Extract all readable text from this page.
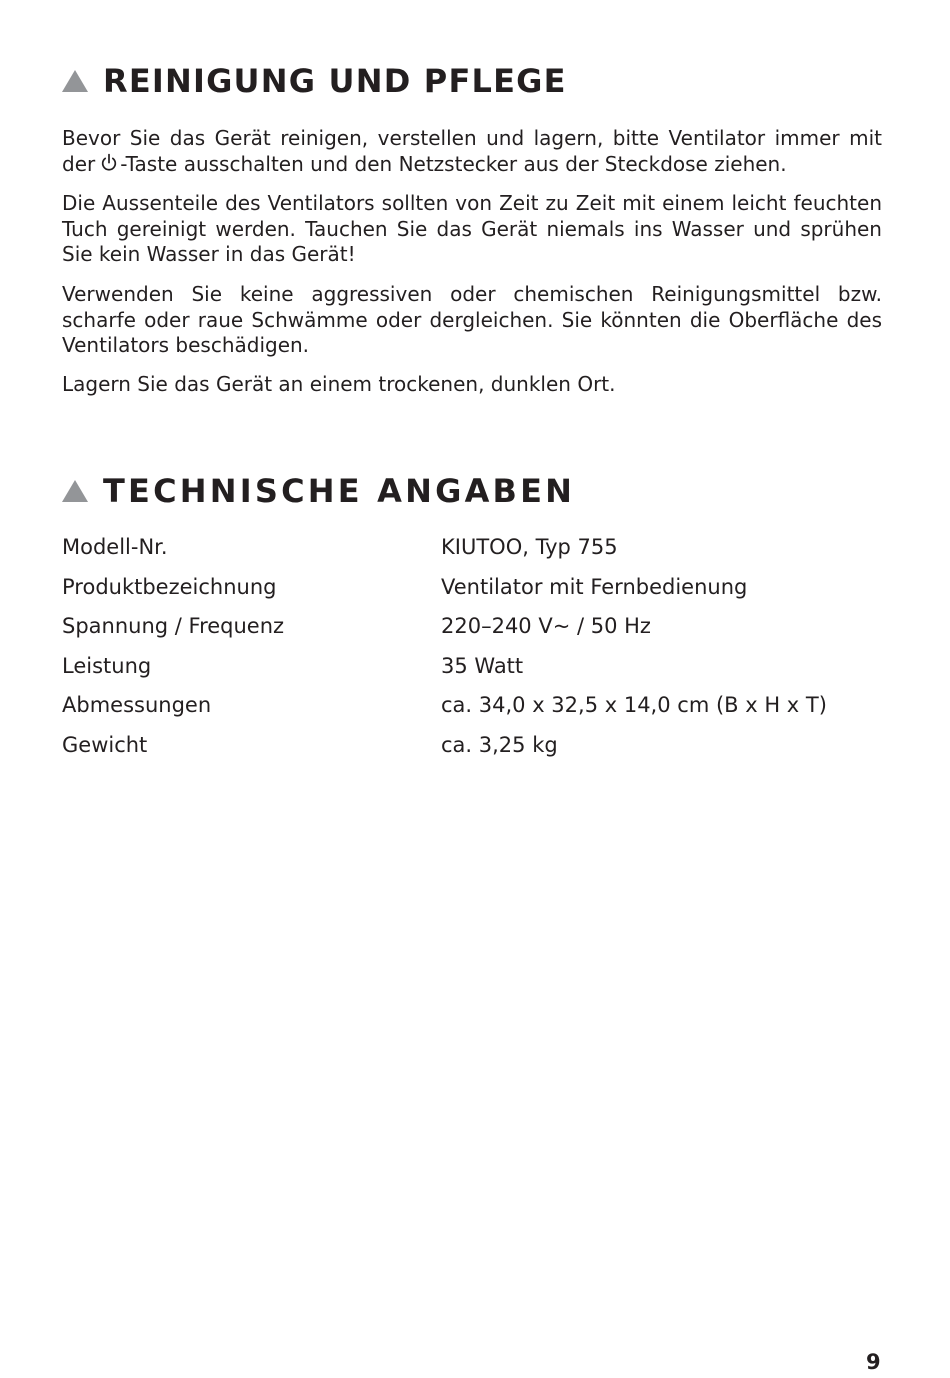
REINIGUNG UND PFLEGE

Bevor Sie das Gerät reinigen, verstellen und lagern, bitte Ventilator immer mit der -Taste ausschalten und den Netzstecker aus der Steckdose ziehen.

Die Aussenteile des Ventilators sollten von Zeit zu Zeit mit einem leicht feuchten Tuch gereinigt werden. Tauchen Sie das Gerät niemals ins Wasser und sprühen Sie kein Wasser in das Gerät!

Verwenden Sie keine aggressiven oder chemischen Reinigungsmittel bzw. scharfe oder raue Schwämme oder dergleichen. Sie könnten die Oberfläche des Ventilators beschädigen.

Lagern Sie das Gerät an einem trockenen, dunklen Ort.

TECHNISCHE ANGABEN
Modell-Nr.	KIUTOO, Typ 755
Produktbezeichnung	Ventilator mit Fernbedienung
Spannung / Frequenz	220–240 V~ / 50 Hz
Leistung	35 Watt
Abmessungen	ca. 34,0 x 32,5 x 14,0 cm (B x H x T)
Gewicht	ca. 3,25 kg
9
